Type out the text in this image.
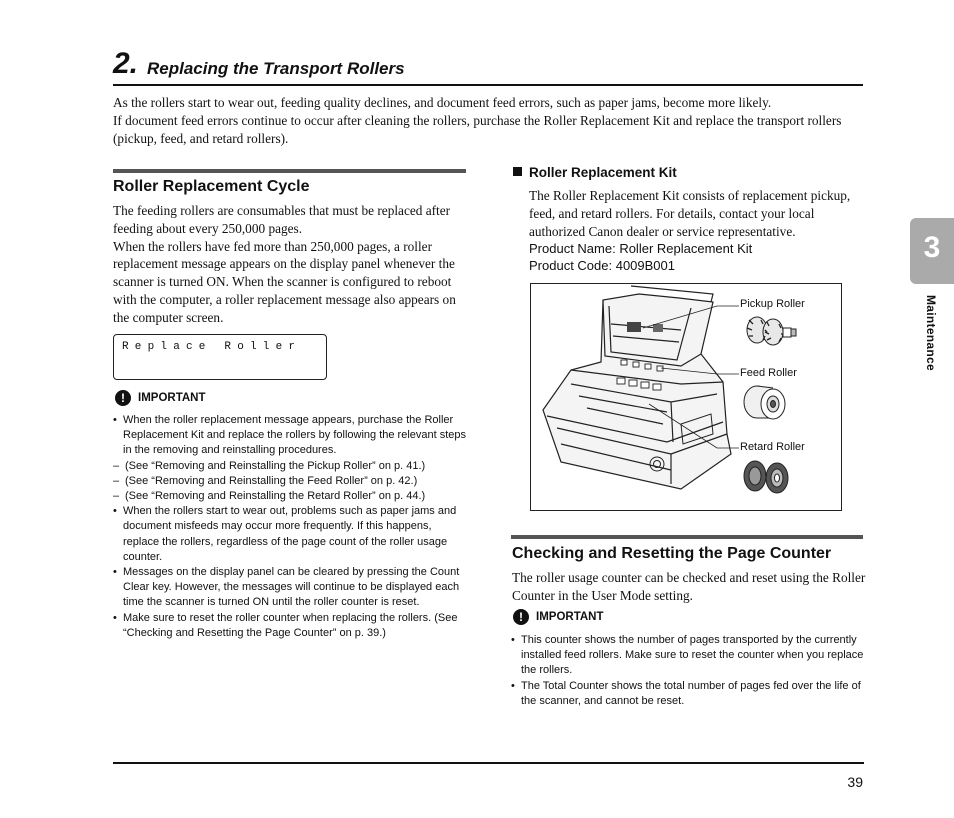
2. Replacing the Transport Rollers

As the rollers start to wear out, feeding quality declines, and document feed errors, such as paper jams, become more likely.

If document feed errors continue to occur after cleaning the rollers, purchase the Roller Replacement Kit and replace the transport rollers (pickup, feed, and retard rollers).

Roller Replacement Cycle

The feeding rollers are consumables that must be replaced after feeding about every 250,000 pages.

When the rollers have fed more than 250,000 pages, a roller replacement message appears on the display panel whenever the scanner is turned ON. When the scanner is configured to reboot with the computer, a roller replacement message also appears on the computer screen.

Replace Roller
!	IMPORTANT
• When the roller replacement message appears, purchase the Roller Replacement Kit and replace the rollers by following the relevant steps in the removing and reinstalling procedures.
– (See “Removing and Reinstalling the Pickup Roller” on p. 41.)
– (See “Removing and Reinstalling the Feed Roller” on p. 42.)
– (See “Removing and Reinstalling the Retard Roller” on p. 44.)
• When the rollers start to wear out, problems such as paper jams and document misfeeds may occur more frequently. If this happens, replace the rollers, regardless of the page count of the roller usage counter.
• Messages on the display panel can be cleared by pressing the Count Clear key. However, the messages will continue to be displayed each time the scanner is turned ON until the roller counter is reset.
• Make sure to reset the roller counter when replacing the rollers. (See “Checking and Resetting the Page Counter” on p. 39.)
Roller Replacement Kit

The Roller Replacement Kit consists of replacement pickup, feed, and retard rollers. For details, contact your local authorized Canon dealer or service representative.

Product Name: Roller Replacement Kit
Product Code: 4009B001
Pickup Roller
Feed Roller
Retard Roller
Checking and Resetting the Page Counter
The roller usage counter can be checked and reset using the Roller Counter in the User Mode setting.
!	IMPORTANT
• This counter shows the number of pages transported by the currently installed feed rollers. Make sure to reset the counter when you replace the rollers.
• The Total Counter shows the total number of pages fed over the life of the scanner, and cannot be reset.
3
Maintenance
39
